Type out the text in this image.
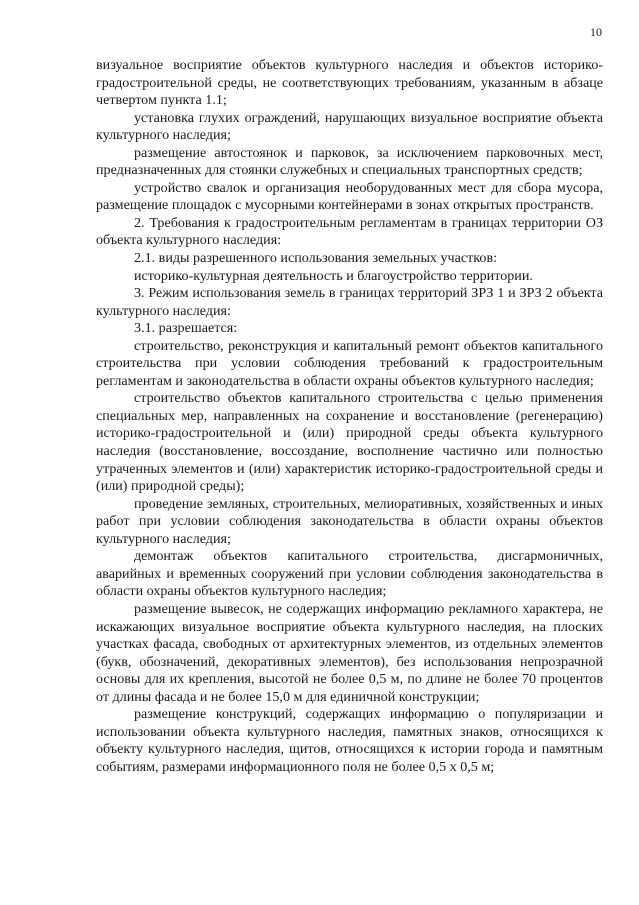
10

визуальное восприятие объектов культурного наследия и объектов историко-градостроительной среды, не соответствующих требованиям, указанным в абзаце четвертом пункта 1.1;

установка глухих ограждений, нарушающих визуальное восприятие объекта культурного наследия;

размещение автостоянок и парковок, за исключением парковочных мест, предназначенных для стоянки служебных и специальных транспортных средств;

устройство свалок и организация необорудованных мест для сбора мусора, размещение площадок с мусорными контейнерами в зонах открытых пространств.

2. Требования к градостроительным регламентам в границах территории ОЗ объекта культурного наследия:

2.1. виды разрешенного использования земельных участков:

историко-культурная деятельность и благоустройство территории.

3. Режим использования земель в границах территорий ЗРЗ 1 и ЗРЗ 2 объекта культурного наследия:

3.1. разрешается:

строительство, реконструкция и капитальный ремонт объектов капитального строительства при условии соблюдения требований к градостроительным регламентам и законодательства в области охраны объектов культурного наследия;

строительство объектов капитального строительства с целью применения специальных мер, направленных на сохранение и восстановление (регенерацию) историко-градостроительной и (или) природной среды объекта культурного наследия (восстановление, воссоздание, восполнение частично или полностью утраченных элементов и (или) характеристик историко-градостроительной среды и (или) природной среды);

проведение земляных, строительных, мелиоративных, хозяйственных и иных работ при условии соблюдения законодательства в области охраны объектов культурного наследия;

демонтаж объектов капитального строительства, дисгармоничных, аварийных и временных сооружений при условии соблюдения законодательства в области охраны объектов культурного наследия;

размещение вывесок, не содержащих информацию рекламного характера, не искажающих визуальное восприятие объекта культурного наследия, на плоских участках фасада, свободных от архитектурных элементов, из отдельных элементов (букв, обозначений, декоративных элементов), без использования непрозрачной основы для их крепления, высотой не более 0,5 м, по длине не более 70 процентов от длины фасада и не более 15,0 м для единичной конструкции;

размещение конструкций, содержащих информацию о популяризации и использовании объекта культурного наследия, памятных знаков, относящихся к объекту культурного наследия, щитов, относящихся к истории города и памятным событиям, размерами информационного поля не более 0,5 х 0,5 м;
